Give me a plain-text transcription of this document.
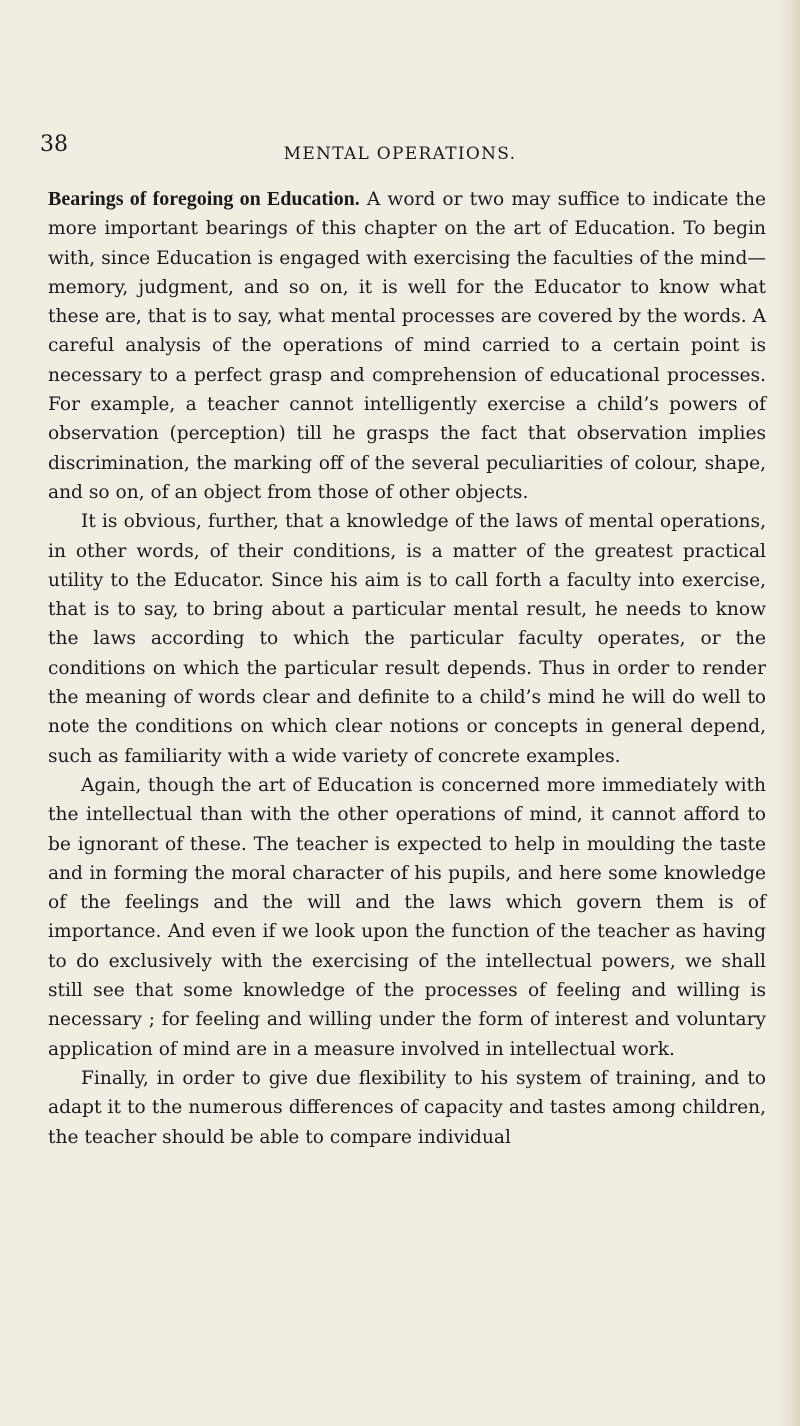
38	MENTAL OPERATIONS.

Bearings of foregoing on Education. A word or two may suffice to indicate the more important bearings of this chapter on the art of Education. To begin with, since Education is engaged with exercising the faculties of the mind—memory, judgment, and so on, it is well for the Educator to know what these are, that is to say, what mental processes are covered by the words. A careful analysis of the operations of mind carried to a certain point is necessary to a perfect grasp and comprehension of educational processes. For example, a teacher cannot intelligently exercise a child’s powers of observation (perception) till he grasps the fact that observation implies discrimination, the marking off of the several peculiarities of colour, shape, and so on, of an object from those of other objects.

It is obvious, further, that a knowledge of the laws of mental operations, in other words, of their conditions, is a matter of the greatest practical utility to the Educator. Since his aim is to call forth a faculty into exercise, that is to say, to bring about a particular mental result, he needs to know the laws according to which the particular faculty operates, or the conditions on which the particular result depends. Thus in order to render the meaning of words clear and definite to a child’s mind he will do well to note the conditions on which clear notions or concepts in general depend, such as familiarity with a wide variety of concrete examples.

Again, though the art of Education is concerned more immediately with the intellectual than with the other operations of mind, it cannot afford to be ignorant of these. The teacher is expected to help in moulding the taste and in forming the moral character of his pupils, and here some knowledge of the feelings and the will and the laws which govern them is of importance. And even if we look upon the function of the teacher as having to do exclusively with the exercising of the intellectual powers, we shall still see that some knowledge of the processes of feeling and willing is necessary ; for feeling and willing under the form of interest and voluntary application of mind are in a measure involved in intellectual work.

Finally, in order to give due flexibility to his system of training, and to adapt it to the numerous differences of capacity and tastes among children, the teacher should be able to compare individual
